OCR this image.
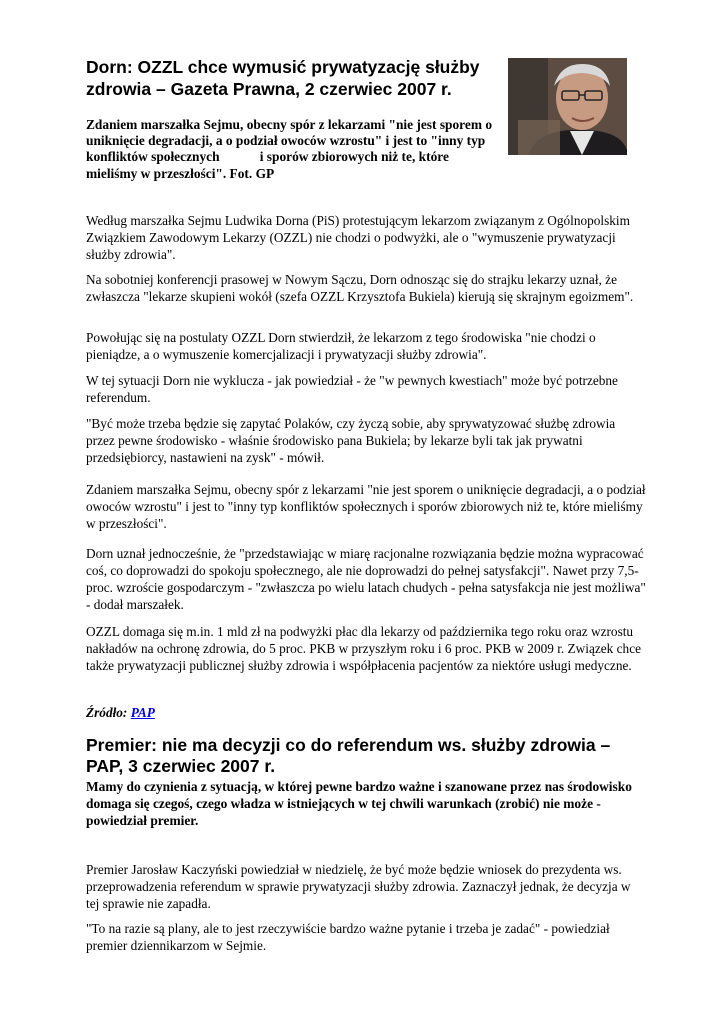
Dorn: OZZL chce wymusić prywatyzację służby zdrowia – Gazeta Prawna, 2 czerwiec 2007 r.

Zdaniem marszałka Sejmu, obecny spór z lekarzami "nie jest sporem o uniknięcie degradacji, a o podział owoców wzrostu" i jest to "inny typ konfliktów społecznych            i sporów zbiorowych niż te, które mieliśmy w przeszłości". Fot. GP

Według marszałka Sejmu Ludwika Dorna (PiS) protestującym lekarzom związanym z Ogólnopolskim Związkiem Zawodowym Lekarzy (OZZL) nie chodzi o podwyżki, ale o "wymuszenie prywatyzacji służby zdrowia".

Na sobotniej konferencji prasowej w Nowym Sączu, Dorn odnosząc się do strajku lekarzy uznał, że zwłaszcza "lekarze skupieni wokół (szefa OZZL Krzysztofa Bukiela) kierują się skrajnym egoizmem".

Powołując się na postulaty OZZL Dorn stwierdził, że lekarzom z tego środowiska "nie chodzi o pieniądze, a o wymuszenie komercjalizacji i prywatyzacji służby zdrowia".

W tej sytuacji Dorn nie wyklucza - jak powiedział - że "w pewnych kwestiach" może być potrzebne referendum.

"Być może trzeba będzie się zapytać Polaków, czy życzą sobie, aby sprywatyzować służbę zdrowia przez pewne środowisko - właśnie środowisko pana Bukiela; by lekarze byli tak jak prywatni przedsiębiorcy, nastawieni na zysk" - mówił.

Zdaniem marszałka Sejmu, obecny spór z lekarzami "nie jest sporem o uniknięcie degradacji, a o podział owoców wzrostu" i jest to "inny typ konfliktów społecznych i sporów zbiorowych niż te, które mieliśmy w przeszłości".

Dorn uznał jednocześnie, że "przedstawiając w miarę racjonalne rozwiązania będzie można wypracować coś, co doprowadzi do spokoju społecznego, ale nie doprowadzi do pełnej satysfakcji". Nawet przy 7,5-proc. wzroście gospodarczym - "zwłaszcza po wielu latach chudych - pełna satysfakcja nie jest możliwa" - dodał marszałek.

OZZL domaga się m.in. 1 mld zł na podwyżki płac dla lekarzy od października tego roku oraz wzrostu nakładów na ochronę zdrowia, do 5 proc. PKB w przyszłym roku i 6 proc. PKB w 2009 r. Związek chce także prywatyzacji publicznej służby zdrowia i współpłacenia pacjentów za niektóre usługi medyczne.

Źródło: PAP

Premier: nie ma decyzji co do referendum ws. służby zdrowia – PAP, 3 czerwiec 2007 r.

Mamy do czynienia z sytuacją, w której pewne bardzo ważne i szanowane przez nas środowisko domaga się czegoś, czego władza w istniejących w tej chwili warunkach (zrobić) nie może - powiedział premier.

Premier Jarosław Kaczyński powiedział w niedzielę, że być może będzie wniosek do prezydenta ws. przeprowadzenia referendum w sprawie prywatyzacji służby zdrowia. Zaznaczył jednak, że decyzja w tej sprawie nie zapadła.

"To na razie są plany, ale to jest rzeczywiście bardzo ważne pytanie i trzeba je zadać" - powiedział premier dziennikarzom w Sejmie.
